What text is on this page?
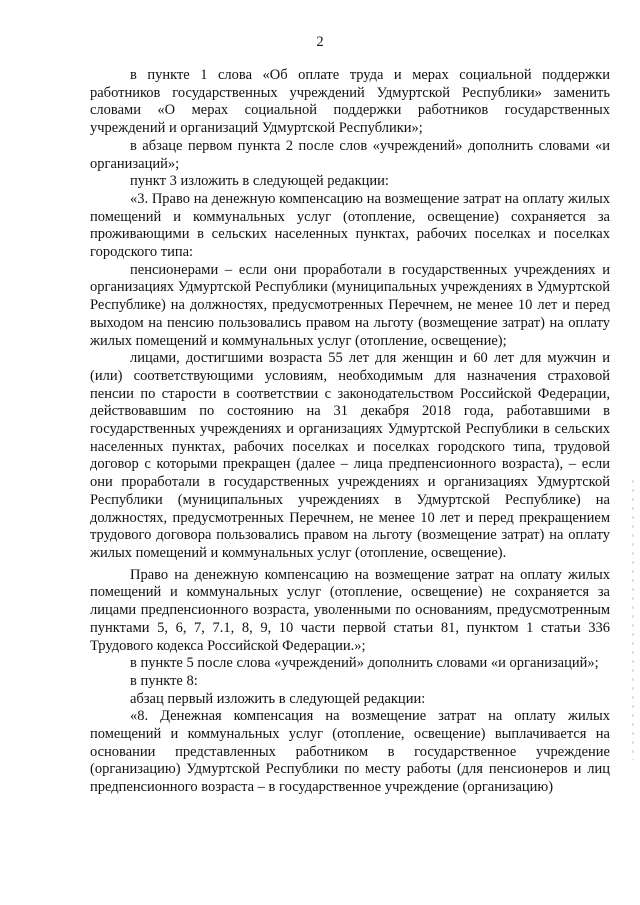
2

в пункте 1 слова «Об оплате труда и мерах социальной поддержки работников государственных учреждений Удмуртской Республики» заменить словами «О мерах социальной поддержки работников государственных учреждений и организаций Удмуртской Республики»;

в абзаце первом пункта 2 после слов «учреждений» дополнить словами «и организаций»;

пункт 3 изложить в следующей редакции:

«3. Право на денежную компенсацию на возмещение затрат на оплату жилых помещений и коммунальных услуг (отопление, освещение) сохраняется за проживающими в сельских населенных пунктах, рабочих поселках и поселках городского типа:

пенсионерами – если они проработали в государственных учреждениях и организациях Удмуртской Республики (муниципальных учреждениях в Удмуртской Республике) на должностях, предусмотренных Перечнем, не менее 10 лет и перед выходом на пенсию пользовались правом на льготу (возмещение затрат) на оплату жилых помещений и коммунальных услуг (отопление, освещение);

лицами, достигшими возраста 55 лет для женщин и 60 лет для мужчин и (или) соответствующими условиям, необходимым для назначения страховой пенсии по старости в соответствии с законодательством Российской Федерации, действовавшим по состоянию на 31 декабря 2018 года, работавшими в государственных учреждениях и организациях Удмуртской Республики в сельских населенных пунктах, рабочих поселках и поселках городского типа, трудовой договор с которыми прекращен (далее – лица предпенсионного возраста), – если они проработали в государственных учреждениях и организациях Удмуртской Республики (муниципальных учреждениях в Удмуртской Республике) на должностях, предусмотренных Перечнем, не менее 10 лет и перед прекращением трудового договора пользовались правом на льготу (возмещение затрат) на оплату жилых помещений и коммунальных услуг (отопление, освещение).

Право на денежную компенсацию на возмещение затрат на оплату жилых помещений и коммунальных услуг (отопление, освещение) не сохраняется за лицами предпенсионного возраста, уволенными по основаниям, предусмотренным пунктами 5, 6, 7, 7.1, 8, 9, 10 части первой статьи 81, пунктом 1 статьи 336 Трудового кодекса Российской Федерации.»;

в пункте 5 после слова «учреждений» дополнить словами «и организаций»;

в пункте 8:

абзац первый изложить в следующей редакции:

«8. Денежная компенсация на возмещение затрат на оплату жилых помещений и коммунальных услуг (отопление, освещение) выплачивается на основании представленных работником в государственное учреждение (организацию) Удмуртской Республики по месту работы (для пенсионеров и лиц предпенсионного возраста – в государственное учреждение (организацию)
